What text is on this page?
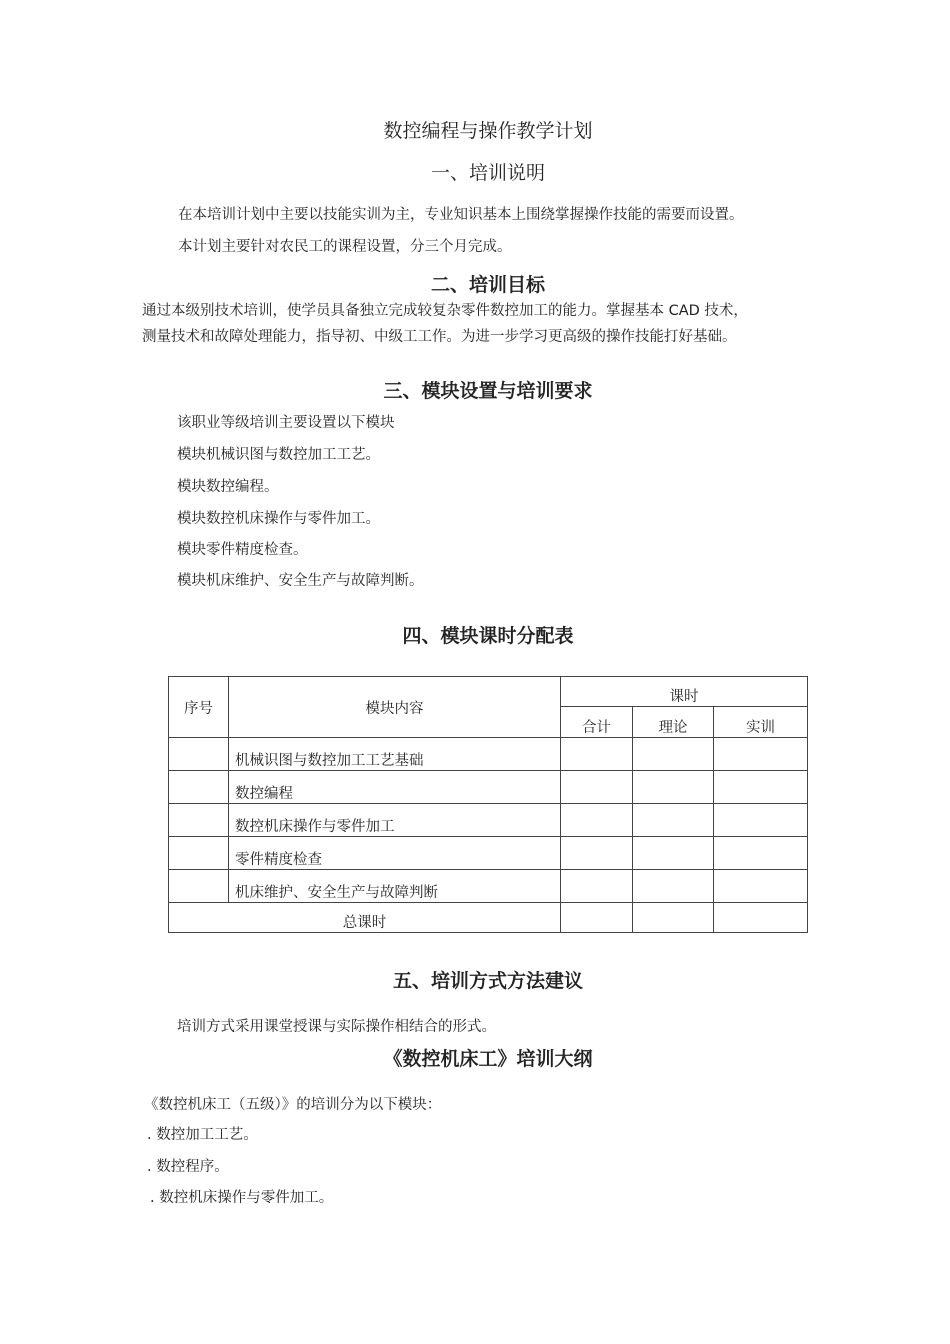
数控编程与操作教学计划
一、培训说明
在本培训计划中主要以技能实训为主，专业知识基本上围绕掌握操作技能的需要而设置。
本计划主要针对农民工的课程设置，分三个月完成。
二、培训目标
通过本级别技术培训，使学员具备独立完成较复杂零件数控加工的能力。掌握基本 CAD 技术，
测量技术和故障处理能力，指导初、中级工工作。为进一步学习更高级的操作技能打好基础。
三、模块设置与培训要求
该职业等级培训主要设置以下模块
模块机械识图与数控加工工艺。
模块数控编程。
模块数控机床操作与零件加工。
模块零件精度检查。
模块机床维护、安全生产与故障判断。
四、模块课时分配表
序号	模块内容	课时		
		合计	理论	实训
	机械识图与数控加工工艺基础			
	数控编程			
	数控机床操作与零件加工			
	零件精度检查			
	机床维护、安全生产与故障判断			
总课时				
五、培训方式方法建议
培训方式采用课堂授课与实际操作相结合的形式。
《数控机床工》培训大纲
《数控机床工（五级）》的培训分为以下模块：
. 数控加工工艺。
. 数控程序。
. 数控机床操作与零件加工。
